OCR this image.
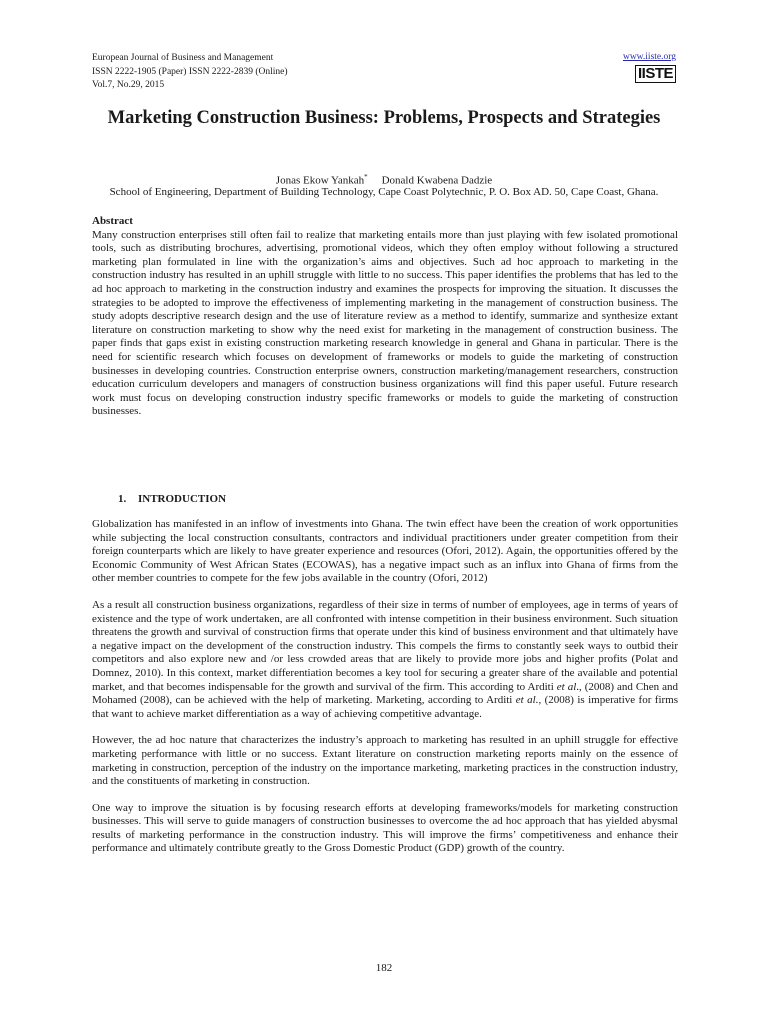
European Journal of Business and Management
ISSN 2222-1905 (Paper) ISSN 2222-2839 (Online)
Vol.7, No.29, 2015
www.iiste.org
IISTE
Marketing Construction Business: Problems, Prospects and Strategies
Jonas Ekow Yankah* Donald Kwabena Dadzie
School of Engineering, Department of Building Technology, Cape Coast Polytechnic, P. O. Box AD. 50, Cape Coast, Ghana.
Abstract

Many construction enterprises still often fail to realize that marketing entails more than just playing with few isolated promotional tools, such as distributing brochures, advertising, promotional videos, which they often employ without following a structured marketing plan formulated in line with the organization’s aims and objectives. Such ad hoc approach to marketing in the construction industry has resulted in an uphill struggle with little to no success. This paper identifies the problems that has led to the ad hoc approach to marketing in the construction industry and examines the prospects for improving the situation. It discusses the strategies to be adopted to improve the effectiveness of implementing marketing in the management of construction business. The study adopts descriptive research design and the use of literature review as a method to identify, summarize and synthesize extant literature on construction marketing to show why the need exist for marketing in the management of construction business. The paper finds that gaps exist in existing construction marketing research knowledge in general and Ghana in particular. There is the need for scientific research which focuses on development of frameworks or models to guide the marketing of construction businesses in developing countries. Construction enterprise owners, construction marketing/management researchers, construction education curriculum developers and managers of construction business organizations will find this paper useful. Future research work must focus on developing construction industry specific frameworks or models to guide the marketing of construction businesses.

1. INTRODUCTION

Globalization has manifested in an inflow of investments into Ghana. The twin effect have been the creation of work opportunities while subjecting the local construction consultants, contractors and individual practitioners under greater competition from their foreign counterparts which are likely to have greater experience and resources (Ofori, 2012). Again, the opportunities offered by the Economic Community of West African States (ECOWAS), has a negative impact such as an influx into Ghana of firms from the other member countries to compete for the few jobs available in the country (Ofori, 2012)

As a result all construction business organizations, regardless of their size in terms of number of employees, age in terms of years of existence and the type of work undertaken, are all confronted with intense competition in their business environment. Such situation threatens the growth and survival of construction firms that operate under this kind of business environment and that ultimately have a negative impact on the development of the construction industry. This compels the firms to constantly seek ways to outbid their competitors and also explore new and /or less crowded areas that are likely to provide more jobs and higher profits (Polat and Domnez, 2010). In this context, market differentiation becomes a key tool for securing a greater share of the available and potential market, and that becomes indispensable for the growth and survival of the firm. This according to Arditi et al., (2008) and Chen and Mohamed (2008), can be achieved with the help of marketing. Marketing, according to Arditi et al., (2008) is imperative for firms that want to achieve market differentiation as a way of achieving competitive advantage.

However, the ad hoc nature that characterizes the industry’s approach to marketing has resulted in an uphill struggle for effective marketing performance with little or no success. Extant literature on construction marketing reports mainly on the essence of marketing in construction, perception of the industry on the importance marketing, marketing practices in the construction industry, and the constituents of marketing in construction.

One way to improve the situation is by focusing research efforts at developing frameworks/models for marketing construction businesses. This will serve to guide managers of construction businesses to overcome the ad hoc approach that has yielded abysmal results of marketing performance in the construction industry. This will improve the firms’ competitiveness and enhance their performance and ultimately contribute greatly to the Gross Domestic Product (GDP) growth of the country.

182
